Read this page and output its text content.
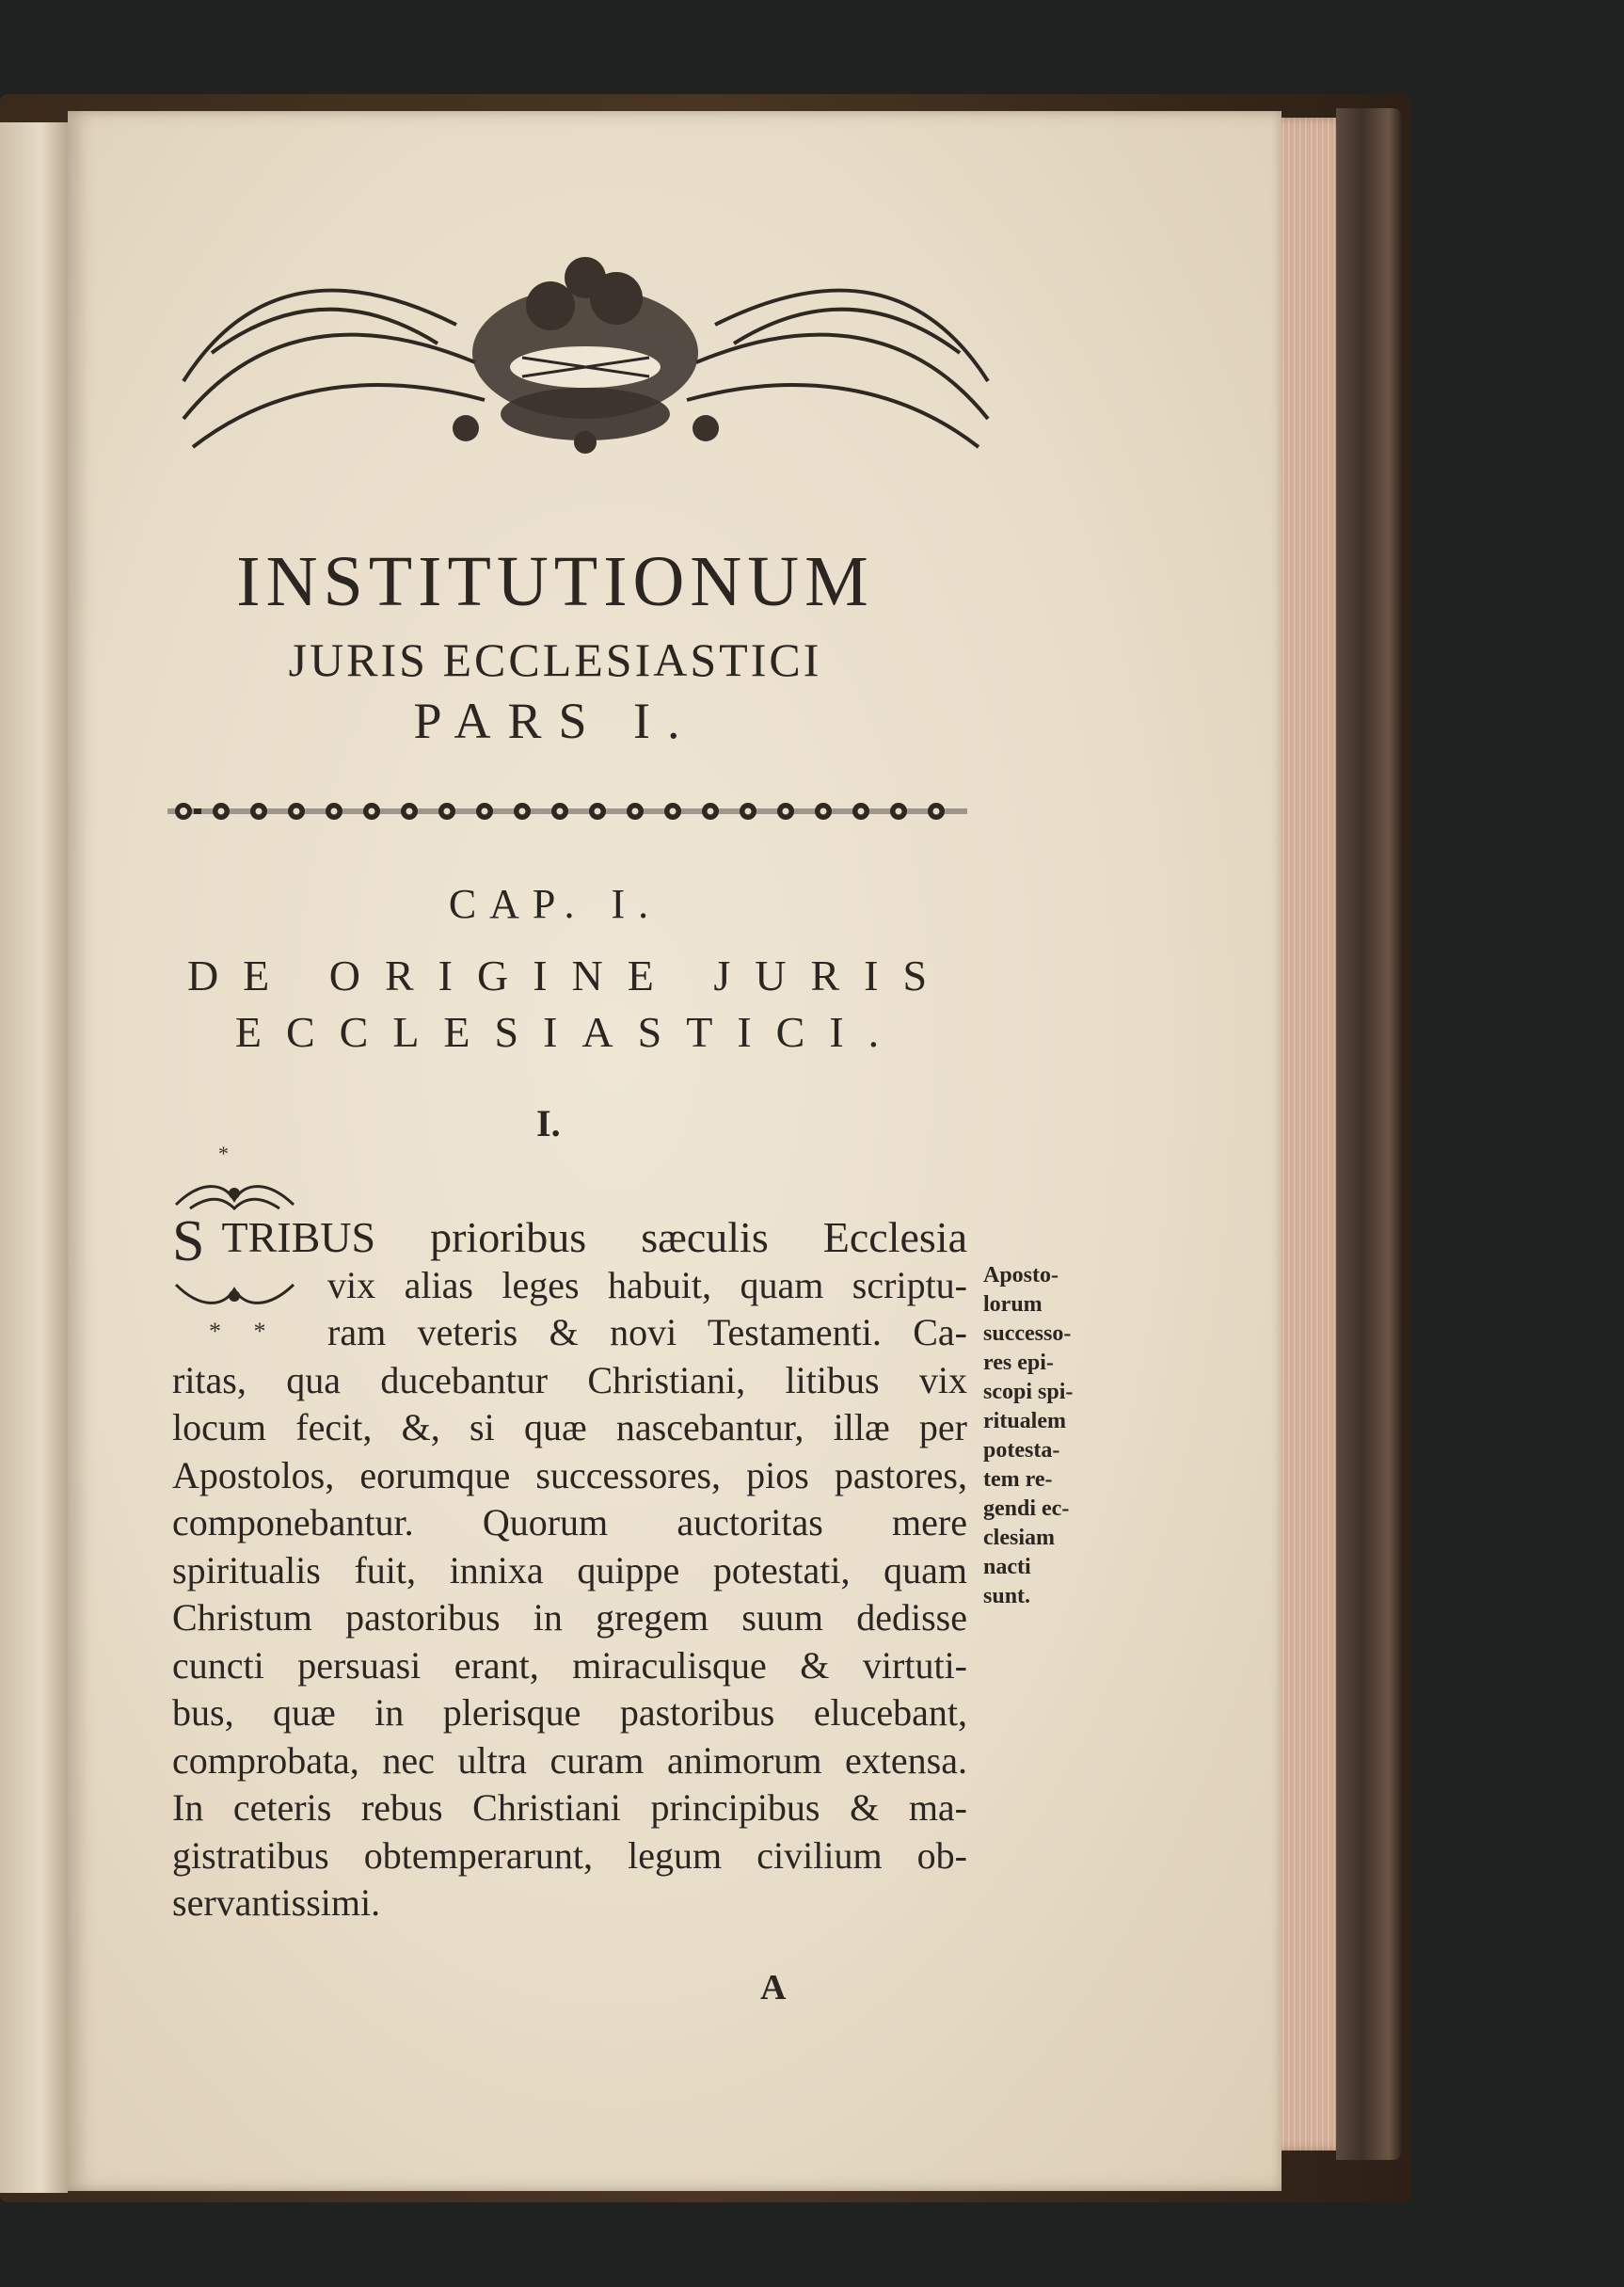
INSTITUTIONUM
JURIS ECCLESIASTICI
PARS I.
CAP. I.
DE ORIGINE JURIS
ECCLESIASTICI.
I.
*
* *
S TRIBUS prioribus sæculis Ecclesia
vix alias leges habuit, quam scriptu-
ram veteris & novi Testamenti. Ca-
ritas, qua ducebantur Christiani, litibus vix
locum fecit, &, si quæ nascebantur, illæ per
Apostolos, eorumque successores, pios pastores,
componebantur. Quorum auctoritas mere
spiritualis fuit, innixa quippe potestati, quam
Christum pastoribus in gregem suum dedisse
cuncti persuasi erant, miraculisque & virtuti-
bus, quæ in plerisque pastoribus elucebant,
comprobata, nec ultra curam animorum extensa.
In ceteris rebus Christiani principibus & ma-
gistratibus obtemperarunt, legum civilium ob-
servantissimi.
Aposto-
lorum
successo-
res epi-
scopi spi-
ritualem
potesta-
tem re-
gendi ec-
clesiam
nacti
sunt.
A
